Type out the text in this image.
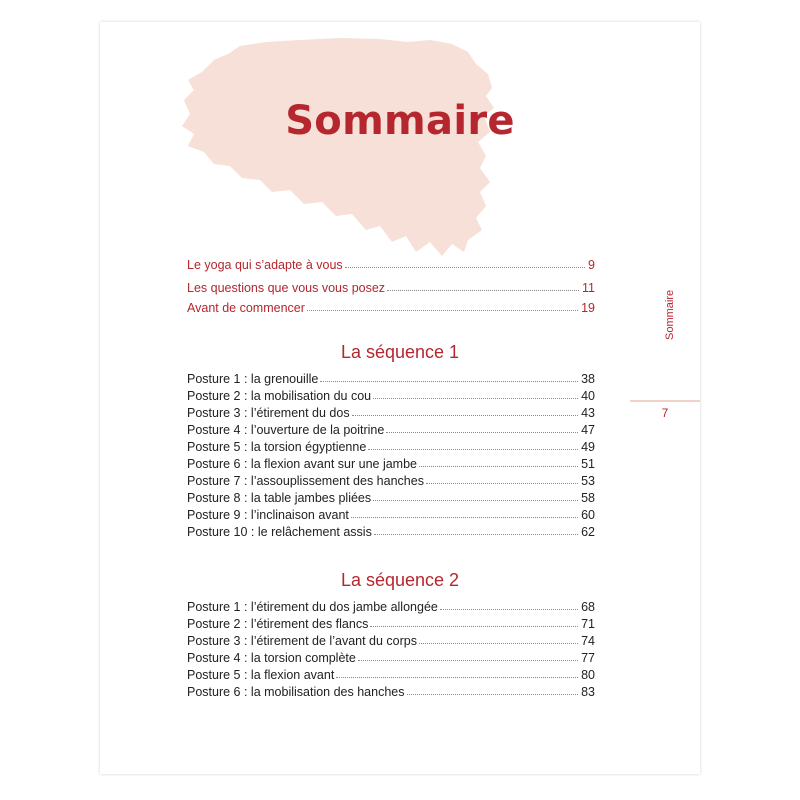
Sommaire
Le yoga qui s’adapte à vous	9
Les questions que vous vous posez	11
Avant de commencer	19
La séquence 1
Posture 1 : la grenouille	38
Posture 2 : la mobilisation du cou	40
Posture 3 : l’étirement du dos	43
Posture 4 : l’ouverture de la poitrine	47
Posture 5 : la torsion égyptienne	49
Posture 6 : la flexion avant sur une jambe	51
Posture 7 : l’assouplissement des hanches	53
Posture 8 : la table jambes pliées	58
Posture 9 : l’inclinaison avant	60
Posture 10 : le relâchement assis	62
La séquence 2
Posture 1 : l’étirement du dos jambe allongée	68
Posture 2 : l’étirement des flancs	71
Posture 3 : l’étirement de l’avant du corps	74
Posture 4 : la torsion complète	77
Posture 5 : la flexion avant	80
Posture 6 : la mobilisation des hanches	83
Sommaire
7
